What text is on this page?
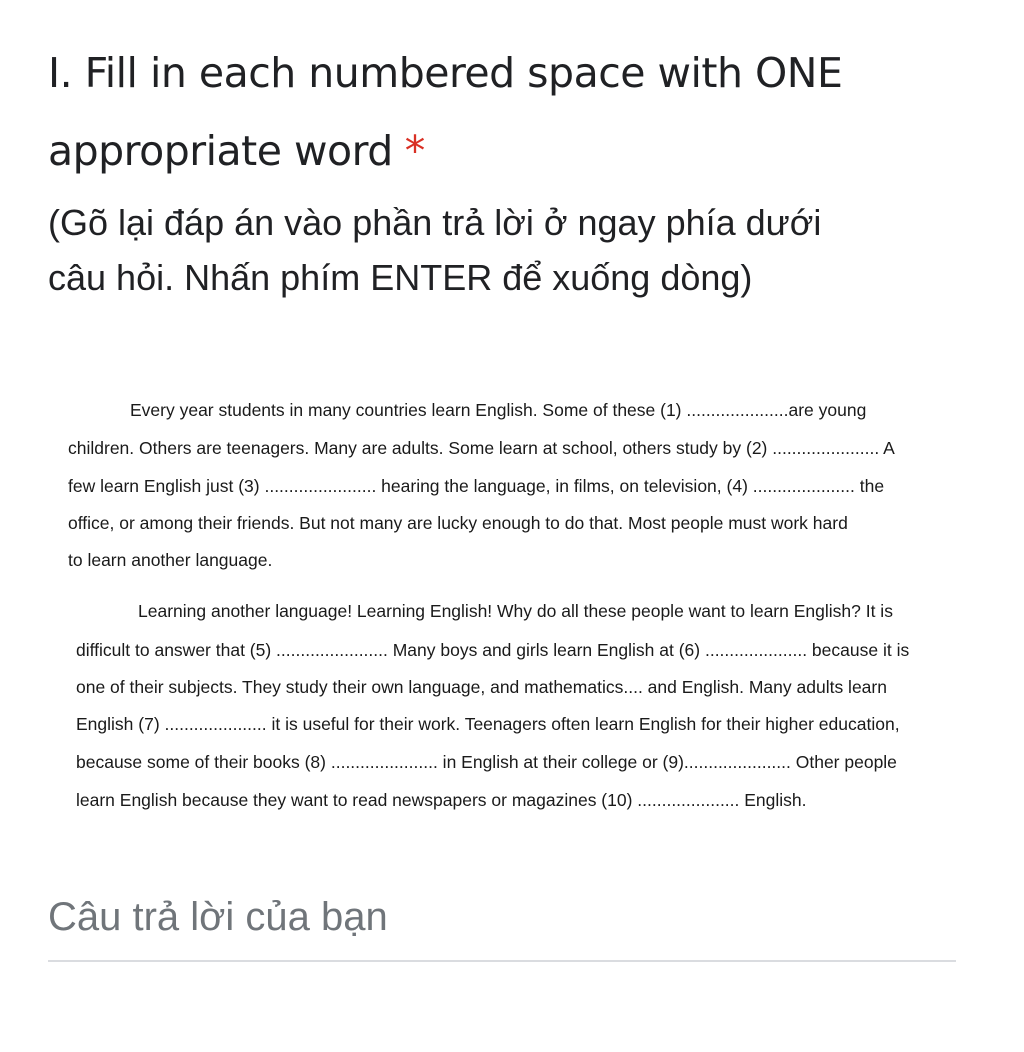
I. Fill in each numbered space with ONE
appropriate word *

(Gõ lại đáp án vào phần trả lời ở ngay phía dưới
câu hỏi. Nhấn phím ENTER để xuống dòng)

Every year students in many countries learn English. Some of these (1) .....................are young
children. Others are teenagers. Many are adults. Some learn at school, others study by (2) ...................... A
few learn English just (3) ....................... hearing the language, in films, on television, (4) ..................... the
office, or among their friends. But not many are lucky enough to do that. Most people must work hard
to learn another language.
Learning another language! Learning English! Why do all these people want to learn English? It is
difficult to answer that (5) ....................... Many boys and girls learn English at (6) ..................... because it is
one of their subjects. They study their own language, and mathematics.... and English. Many adults learn
English (7) ..................... it is useful for their work. Teenagers often learn English for their higher education,
because some of their books (8) ...................... in English at their college or (9)...................... Other people
learn English because they want to read newspapers or magazines (10) ..................... English.
Câu trả lời của bạn
